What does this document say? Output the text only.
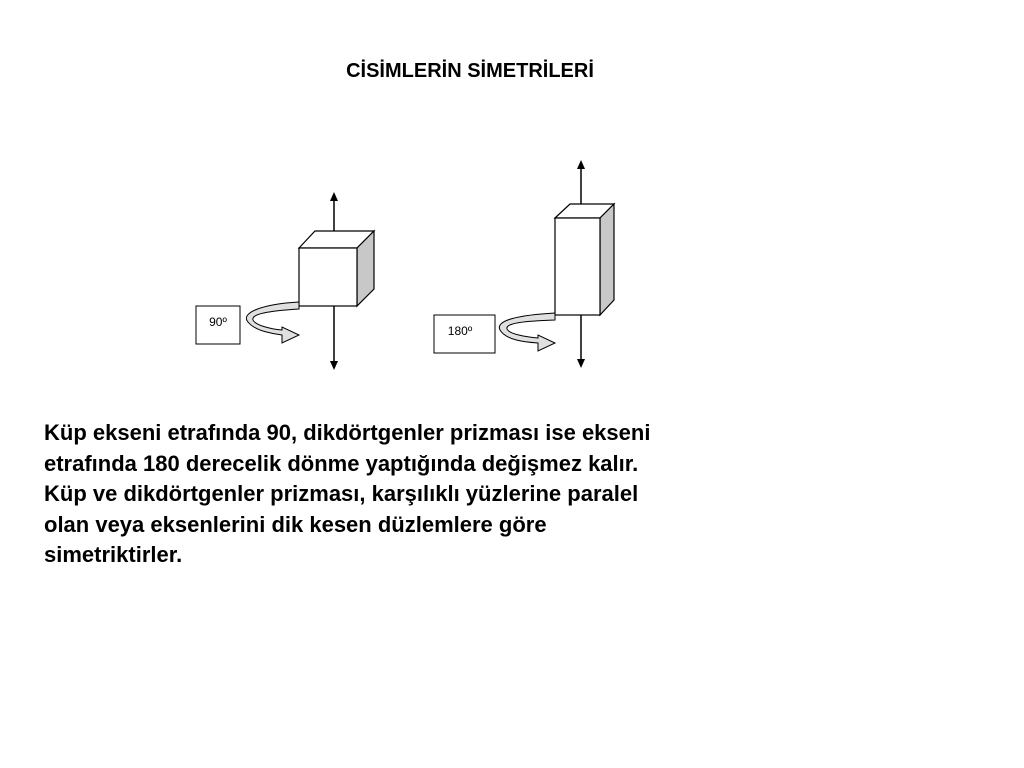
CİSİMLERİN SİMETRİLERİ
90º
180º
Küp ekseni etrafında 90, dikdörtgenler prizması ise ekseni
etrafında 180 derecelik dönme yaptığında değişmez kalır.
Küp ve dikdörtgenler prizması, karşılıklı yüzlerine paralel
olan veya eksenlerini dik kesen düzlemlere göre
simetriktirler.
